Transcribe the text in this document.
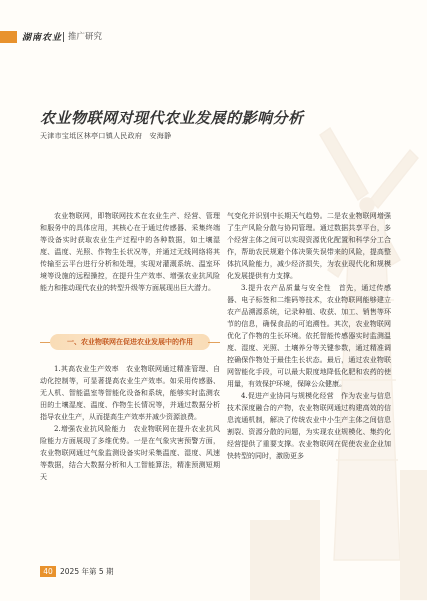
湖南农业 推广研究
农业物联网对现代农业发展的影响分析
天津市宝坻区林亭口镇人民政府　安海静

农业物联网，即物联网技术在农业生产、经营、管理和服务中的具体应用，其核心在于通过传感器、采集终端等设备实时获取农业生产过程中的各种数据，如土壤湿度、温度、光照、作物生长状况等，并通过无线网络将其传输至云平台进行分析和处理，实现对灌溉系统、温室环境等设施的远程操控，在提升生产效率、增强农业抗风险能力和推动现代农业的转型升级等方面展现出巨大潜力。

一、农业物联网在促进农业发展中的作用

1.其高农业生产效率　农业物联网通过精准管理、自动化控制等，可显著提高农业生产效率。如采用传感器、无人机、智能温室等智能化设备和系统，能够实时监测农田的土壤湿度、温度、作物生长情况等，并通过数据分析指导农业生产，从而提高生产效率并减少资源浪费。

2.增强农业抗风险能力　农业物联网在提升农业抗风险能力方面展现了多维优势。一是在气象灾害预警方面，农业物联网通过气象监测设备实时采集温度、湿度、风速等数据，结合大数据分析和人工智能算法，精准预测短期天

气变化并识别中长期天气趋势。二是农业物联网增强了生产风险分散与协同管理。通过数据共享平台，多个经营主体之间可以实现资源优化配置和科学分工合作，帮助农民规避个体决策失误带来的风险，提高整体抗风险能力，减少经济损失，为农业现代化和规模化发展提供有力支撑。

3.提升农产品质量与安全性　首先，通过传感器、电子标签和二维码等技术，农业物联网能够建立农产品溯源系统，记录种植、收获、加工、销售等环节的信息，确保食品的可追溯性。其次，农业物联网优化了作物的生长环境。依托智能传感器实时监测温度、湿度、光照、土壤养分等关键参数，通过精准调控确保作物处于最佳生长状态。最后，通过农业物联网智能化手段，可以最大限度地降低化肥和农药的使用量，有效保护环境，保障公众健康。

4.促进产业协同与规模化经营　作为农业与信息技术深度融合的产物，农业物联网通过构建高效的信息流通机制，解决了传统农业中小生产主体之间信息割裂、资源分散的问题，为实现农业规模化、集约化经营提供了重要支撑。农业物联网在促使农业企业加快转型的同时，激励更多

40 2025 年第 5 期
